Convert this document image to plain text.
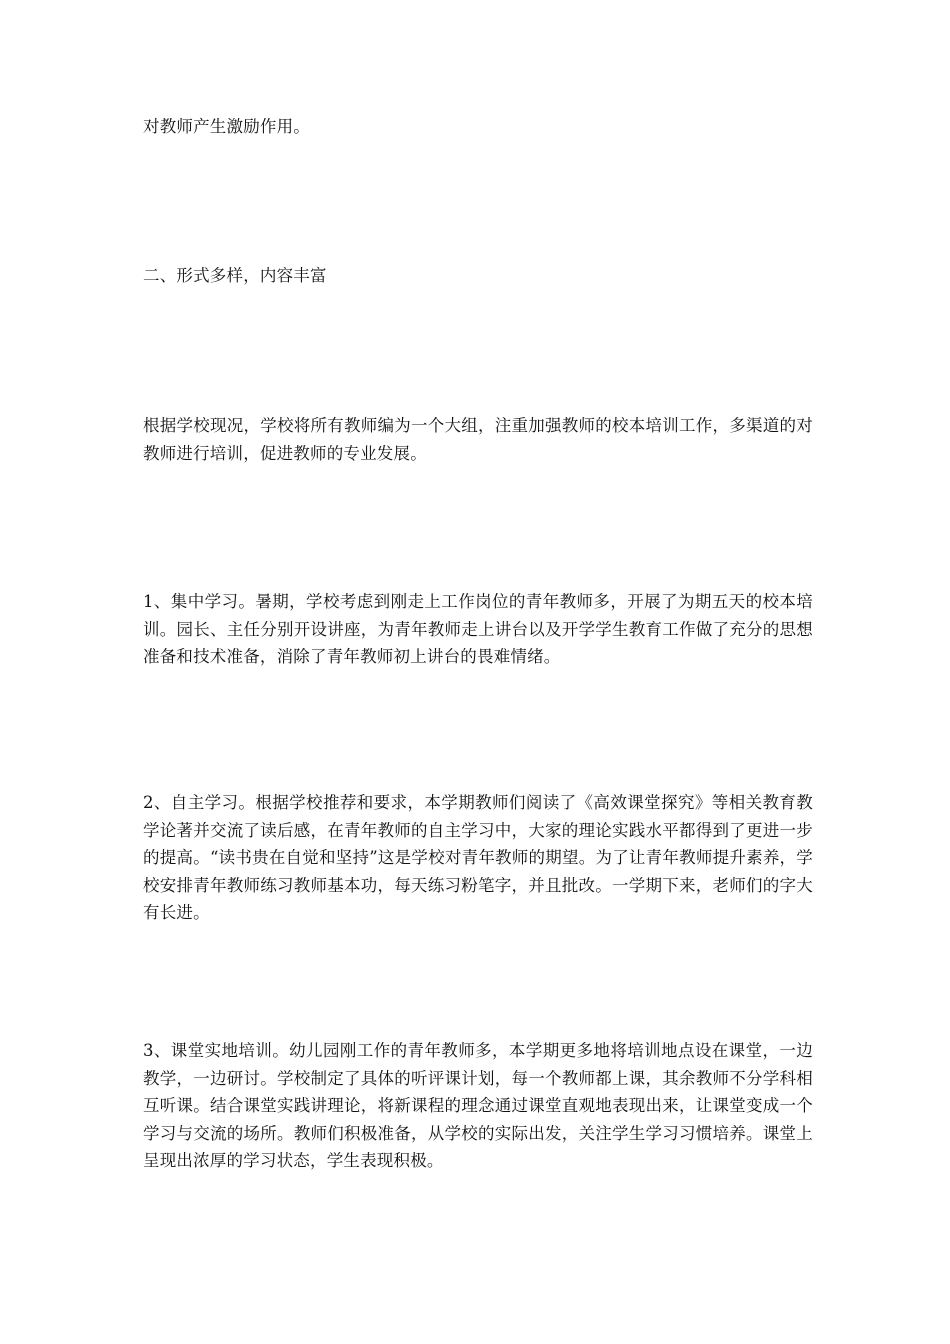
对教师产生激励作用。

二、形式多样，内容丰富

根据学校现况，学校将所有教师编为一个大组，注重加强教师的校本培训工作，多渠道的对教师进行培训，促进教师的专业发展。

1、集中学习。暑期，学校考虑到刚走上工作岗位的青年教师多，开展了为期五天的校本培训。园长、主任分别开设讲座，为青年教师走上讲台以及开学学生教育工作做了充分的思想准备和技术准备，消除了青年教师初上讲台的畏难情绪。

2、自主学习。根据学校推荐和要求，本学期教师们阅读了《高效课堂探究》等相关教育教学论著并交流了读后感，在青年教师的自主学习中，大家的理论实践水平都得到了更进一步的提高。“读书贵在自觉和坚持”这是学校对青年教师的期望。为了让青年教师提升素养，学校安排青年教师练习教师基本功，每天练习粉笔字，并且批改。一学期下来，老师们的字大有长进。

3、课堂实地培训。幼儿园刚工作的青年教师多，本学期更多地将培训地点设在课堂，一边教学，一边研讨。学校制定了具体的听评课计划，每一个教师都上课，其余教师不分学科相互听课。结合课堂实践讲理论，将新课程的理念通过课堂直观地表现出来，让课堂变成一个学习与交流的场所。教师们积极准备，从学校的实际出发，关注学生学习习惯培养。课堂上呈现出浓厚的学习状态，学生表现积极。
